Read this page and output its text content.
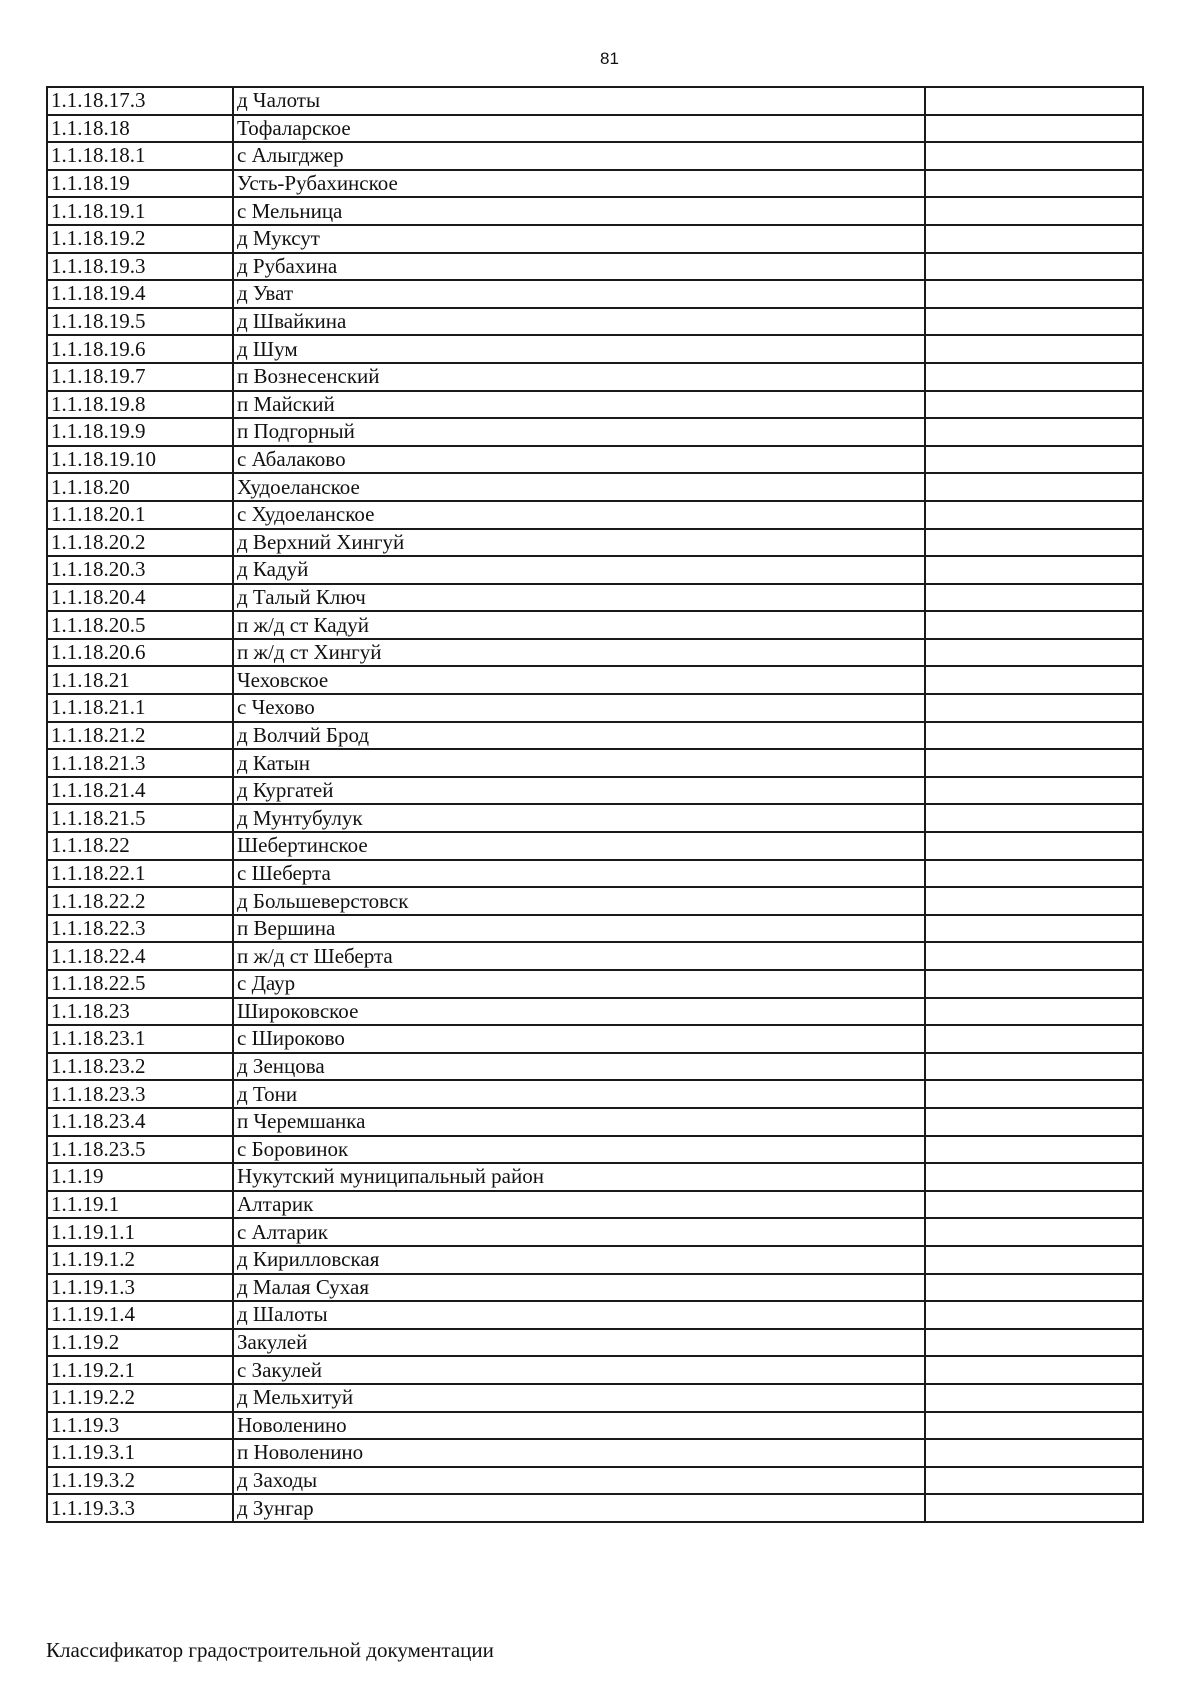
81
1.1.18.17.3	д Чалоты	
1.1.18.18	Тофаларское	
1.1.18.18.1	с Алыгджер	
1.1.18.19	Усть-Рубахинское	
1.1.18.19.1	с Мельница	
1.1.18.19.2	д Муксут	
1.1.18.19.3	д Рубахина	
1.1.18.19.4	д Уват	
1.1.18.19.5	д Швайкина	
1.1.18.19.6	д Шум	
1.1.18.19.7	п Вознесенский	
1.1.18.19.8	п Майский	
1.1.18.19.9	п Подгорный	
1.1.18.19.10	с Абалаково	
1.1.18.20	Худоеланское	
1.1.18.20.1	с Худоеланское	
1.1.18.20.2	д Верхний Хингуй	
1.1.18.20.3	д Кадуй	
1.1.18.20.4	д Талый Ключ	
1.1.18.20.5	п ж/д ст Кадуй	
1.1.18.20.6	п ж/д ст Хингуй	
1.1.18.21	Чеховское	
1.1.18.21.1	с Чехово	
1.1.18.21.2	д Волчий Брод	
1.1.18.21.3	д Катын	
1.1.18.21.4	д Кургатей	
1.1.18.21.5	д Мунтубулук	
1.1.18.22	Шебертинское	
1.1.18.22.1	с Шеберта	
1.1.18.22.2	д Большеверстовск	
1.1.18.22.3	п Вершина	
1.1.18.22.4	п ж/д ст Шеберта	
1.1.18.22.5	с Даур	
1.1.18.23	Широковское	
1.1.18.23.1	с Широково	
1.1.18.23.2	д Зенцова	
1.1.18.23.3	д Тони	
1.1.18.23.4	п Черемшанка	
1.1.18.23.5	с Боровинок	
1.1.19	Нукутский муниципальный район	
1.1.19.1	Алтарик	
1.1.19.1.1	с Алтарик	
1.1.19.1.2	д Кирилловская	
1.1.19.1.3	д Малая Сухая	
1.1.19.1.4	д Шалоты	
1.1.19.2	Закулей	
1.1.19.2.1	с Закулей	
1.1.19.2.2	д Мельхитуй	
1.1.19.3	Новоленино	
1.1.19.3.1	п Новоленино	
1.1.19.3.2	д Заходы	
1.1.19.3.3	д Зунгар	
Классификатор градостроительной документации
